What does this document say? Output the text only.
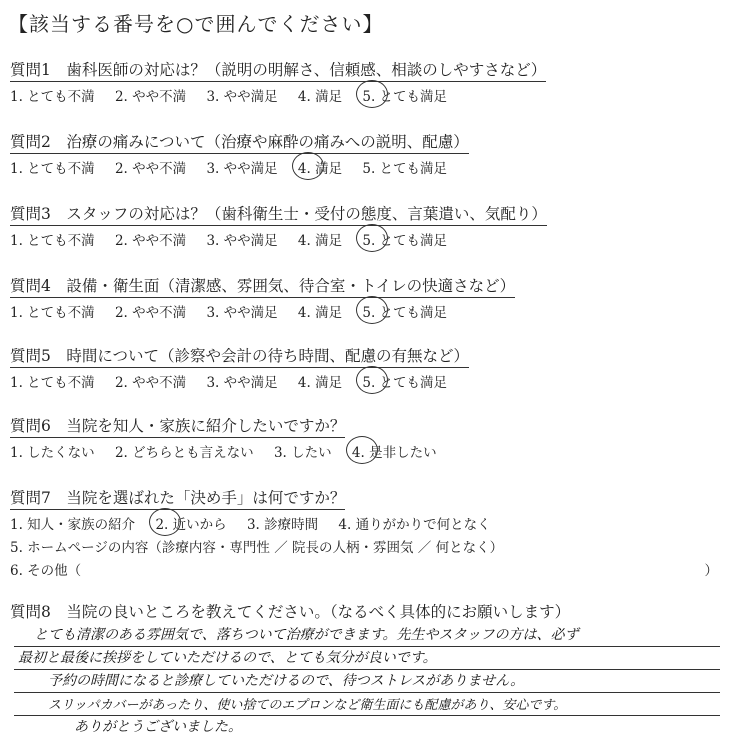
【該当する番号を○で囲んでください】
質問1　歯科医師の対応は？（説明の明解さ、信頼感、相談のしやすさなど）
1. とても不満 2. やや不満 3. やや満足 4. 満足 5. とても満足
質問2　治療の痛みについて（治療や麻酔の痛みへの説明、配慮）
1. とても不満 2. やや不満 3. やや満足 4. 満足 5. とても満足
質問3　スタッフの対応は？（歯科衛生士・受付の態度、言葉遣い、気配り）
1. とても不満 2. やや不満 3. やや満足 4. 満足 5. とても満足
質問4　設備・衛生面（清潔感、雰囲気、待合室・トイレの快適さなど）
1. とても不満 2. やや不満 3. やや満足 4. 満足 5. とても満足
質問5　時間について（診察や会計の待ち時間、配慮の有無など）
1. とても不満 2. やや不満 3. やや満足 4. 満足 5. とても満足
質問6　当院を知人・家族に紹介したいですか？
1. したくない 2. どちらとも言えない 3. したい 4. 是非したい
質問7　当院を選ばれた「決め手」は何ですか？
1. 知人・家族の紹介 2. 近いから 3. 診療時間 4. 通りがかりで何となく
5. ホームページの内容（診療内容・専門性 ／ 院長の人柄・雰囲気 ／ 何となく）
6. その他（	）
質問8　当院の良いところを教えてください。（なるべく具体的にお願いします）
とても清潔のある雰囲気で、落ちついて治療ができます。先生やスタッフの方は、必ず
最初と最後に挨拶をしていただけるので、とても気分が良いです。
予約の時間になると診療していただけるので、待つストレスがありません。
スリッパカバーがあったり、使い捨てのエプロンなど衛生面にも配慮があり、安心です。
ありがとうございました。
